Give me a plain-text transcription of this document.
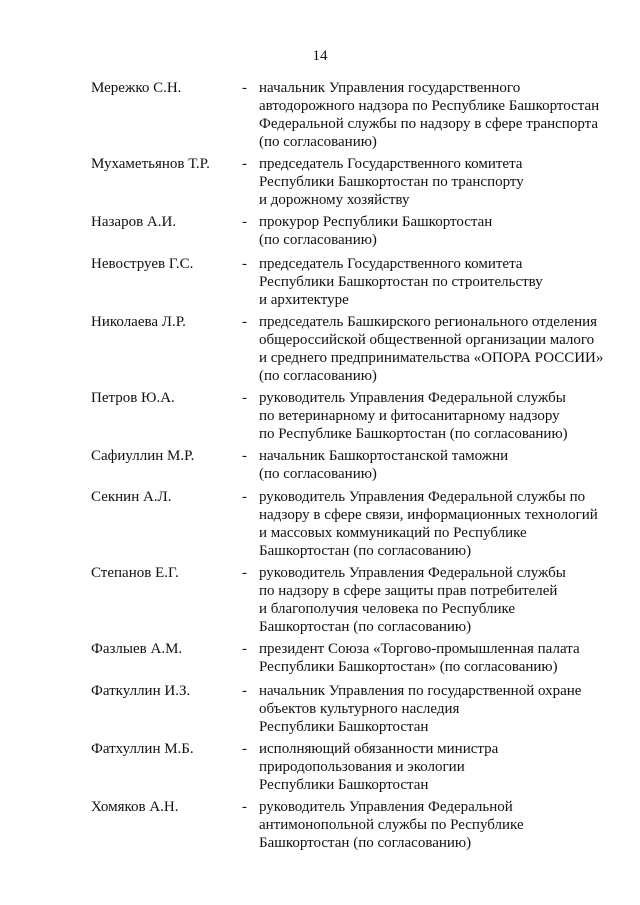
14
Мережко С.Н.	- начальник Управления государственного
автодорожного надзора по Республике Башкортостан
Федеральной службы по надзору в сфере транспорта
(по согласованию)
Мухаметьянов Т.Р. - председатель Государственного комитета
Республики Башкортостан по транспорту
и дорожному хозяйству
Назаров А.И.	- прокурор Республики Башкортостан
(по согласованию)
Невоструев Г.С.	- председатель Государственного комитета
Республики Башкортостан по строительству
и архитектуре
Николаева Л.Р.	- председатель Башкирского регионального отделения
общероссийской общественной организации малого
и среднего предпринимательства «ОПОРА РОССИИ»
(по согласованию)
Петров Ю.А.	- руководитель Управления Федеральной службы
по ветеринарному и фитосанитарному надзору
по Республике Башкортостан (по согласованию)
Сафиуллин М.Р.	- начальник Башкортостанской таможни
(по согласованию)
Секнин А.Л.	- руководитель Управления Федеральной службы по
надзору в сфере связи, информационных технологий
и массовых коммуникаций по Республике
Башкортостан (по согласованию)
Степанов Е.Г.	- руководитель Управления Федеральной службы
по надзору в сфере защиты прав потребителей
и благополучия человека по Республике
Башкортостан (по согласованию)
Фазлыев А.М.	- президент Союза «Торгово-промышленная палата
Республики Башкортостан» (по согласованию)
Фаткуллин И.З.	- начальник Управления по государственной охране
объектов культурного наследия
Республики Башкортостан
Фатхуллин М.Б.	- исполняющий обязанности министра
природопользования и экологии
Республики Башкортостан
Хомяков А.Н.	- руководитель Управления Федеральной
антимонопольной службы по Республике
Башкортостан (по согласованию)
